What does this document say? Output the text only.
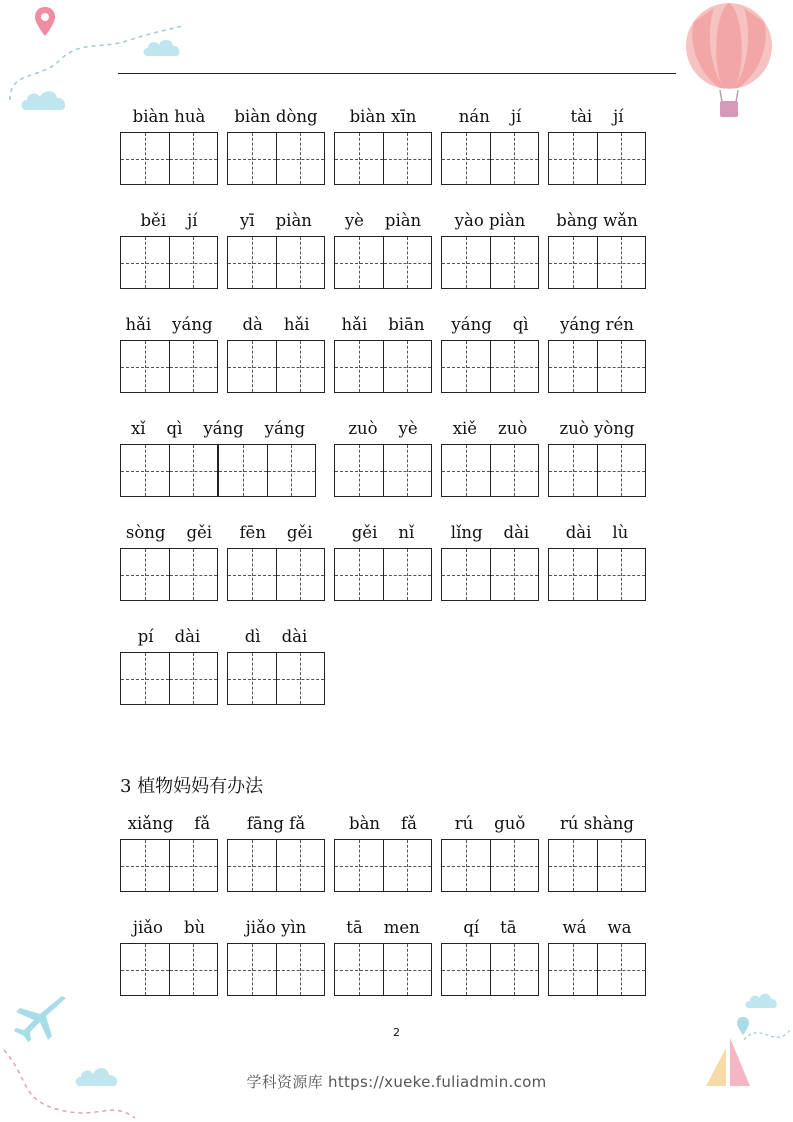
biàn huà	biàn dòng	biàn xīn	nán    jí	tài    jí
běi    jí	yī    piàn	yè    piàn	yào piàn	bàng wǎn
hǎi    yáng	dà    hǎi	hǎi    biān	yáng    qì	yáng rén
xǐ    qì    yáng    yáng	zuò    yè	xiě    zuò	zuò yòng
sòng    gěi	fēn    gěi	gěi    nǐ	lǐng    dài	dài    lù
pí    dài	dì    dài
3 植物妈妈有办法
xiǎng    fǎ	fāng fǎ	bàn    fǎ	rú    guǒ	rú shàng
jiǎo    bù	jiǎo yìn	tā    men	qí    tā	wá    wa
2
学科资源库 https://xueke.fuliadmin.com
